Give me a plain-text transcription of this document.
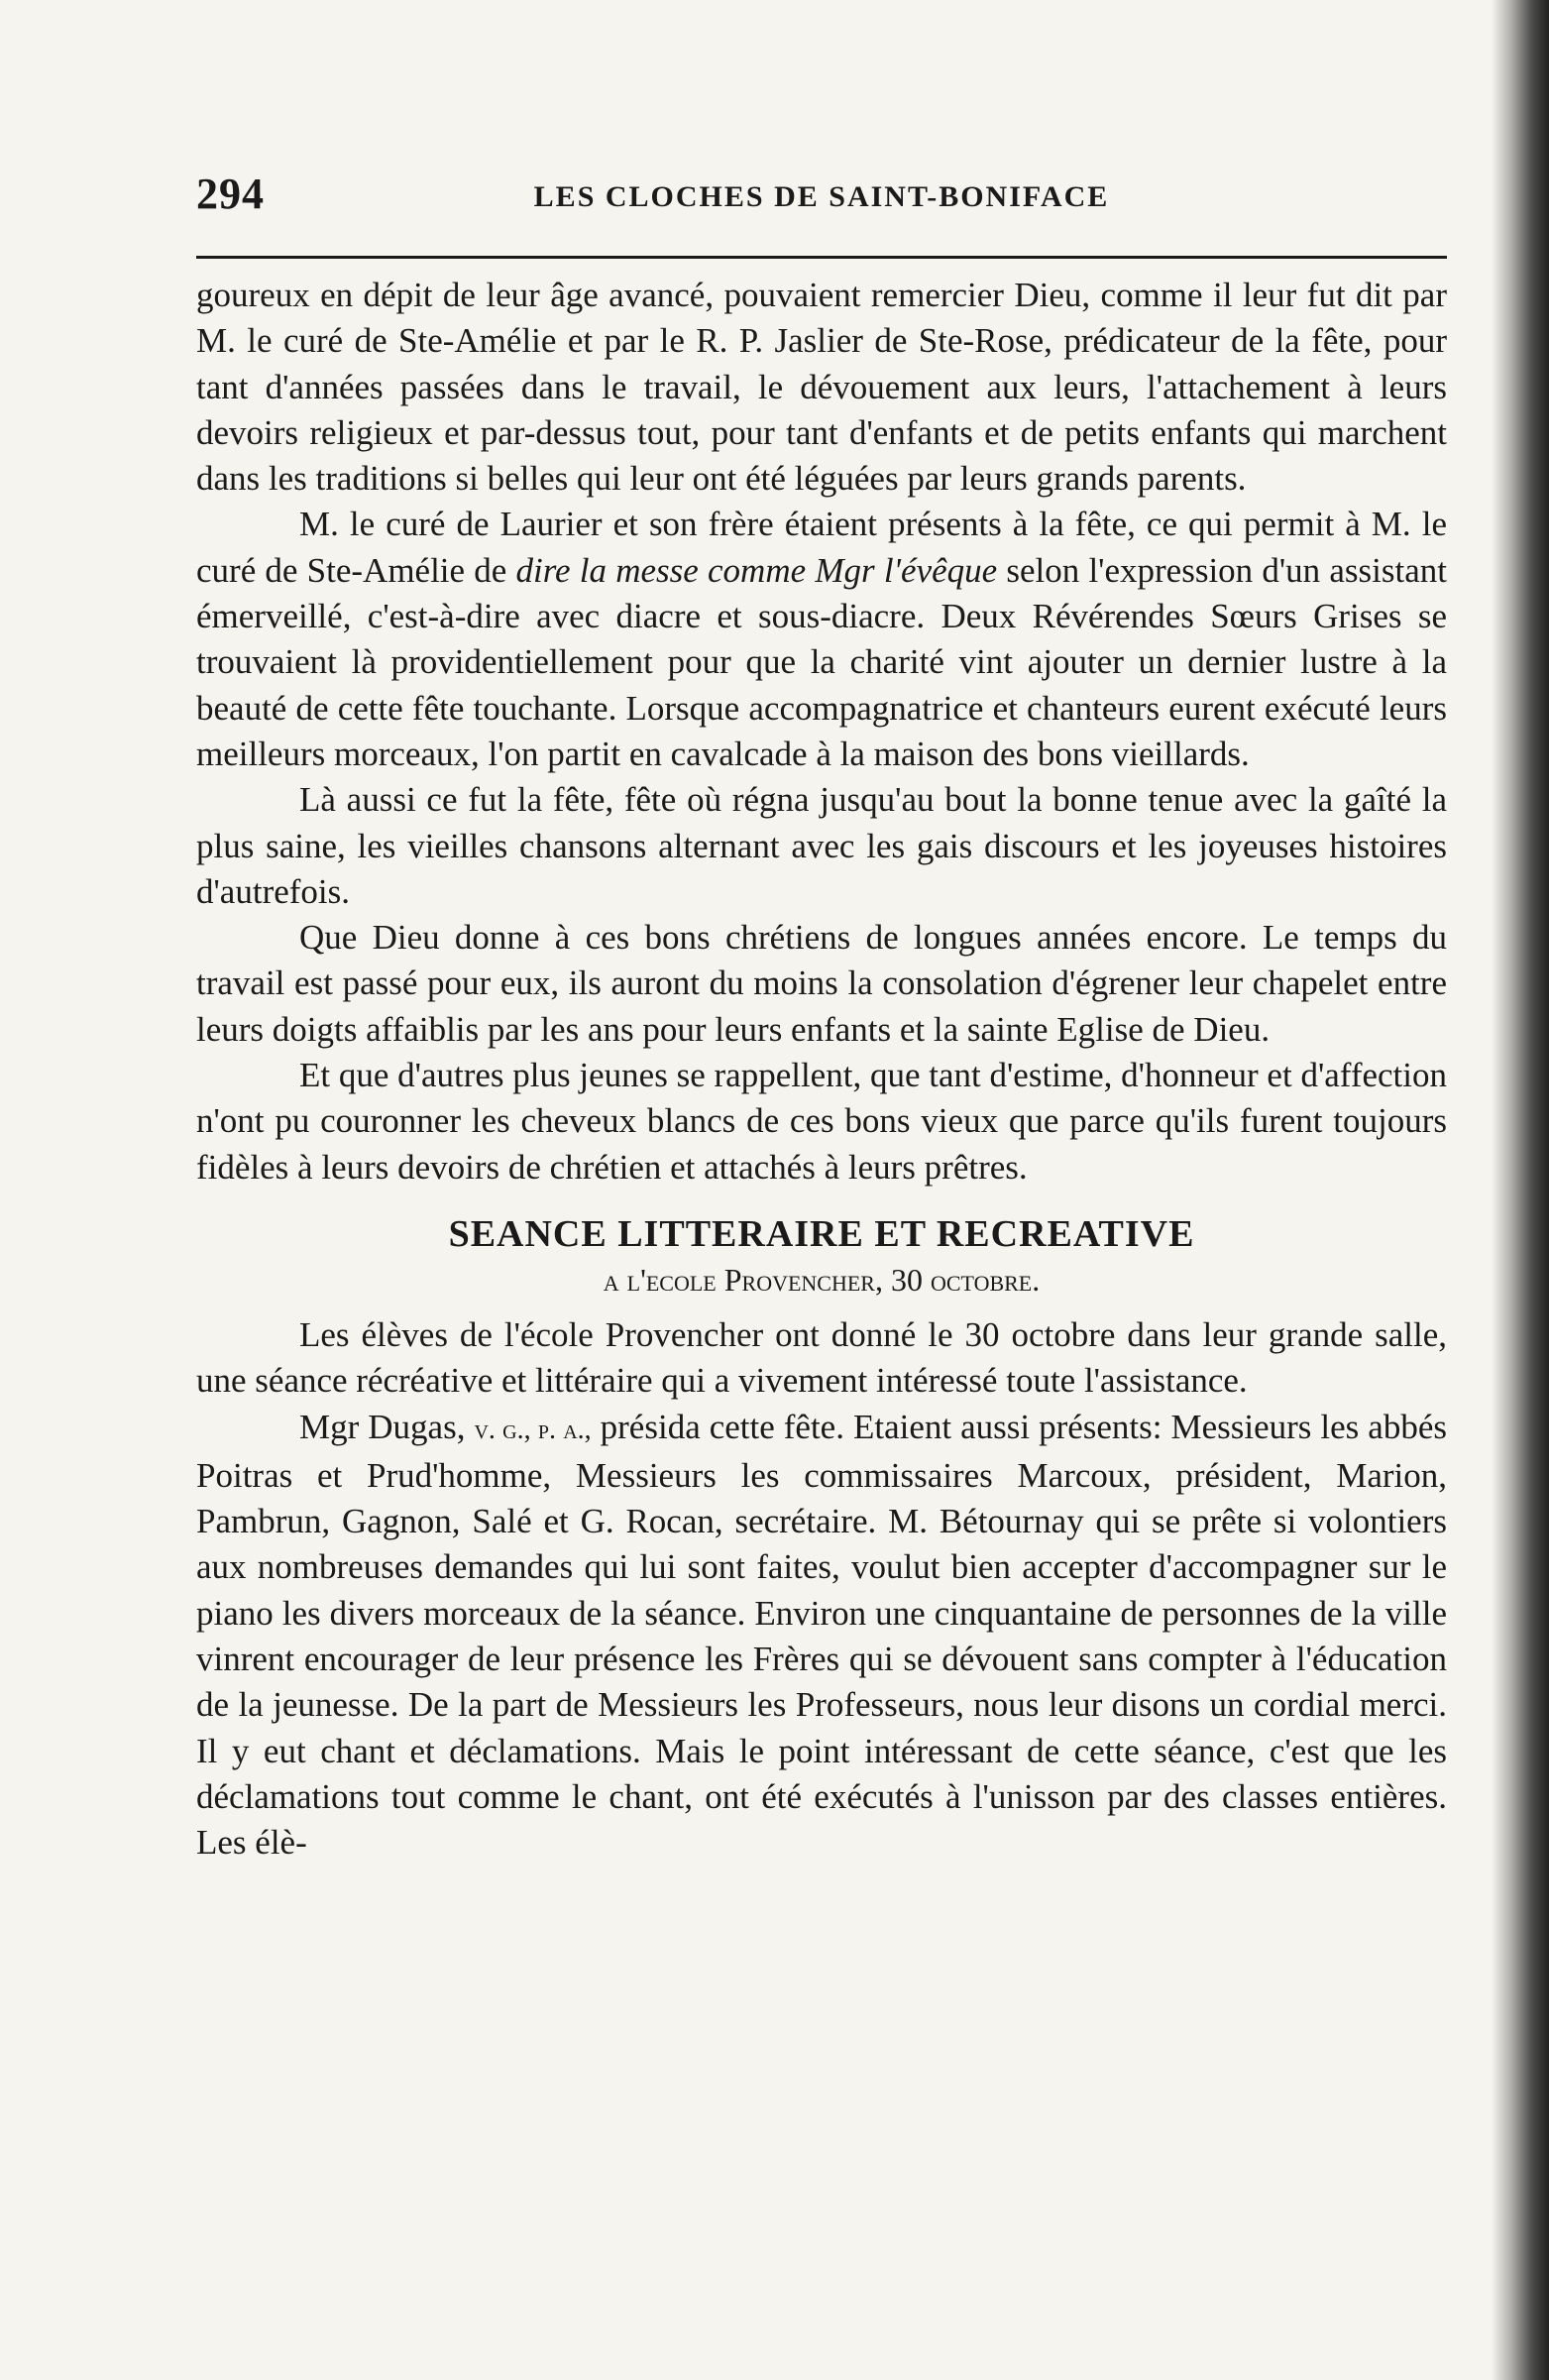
294	LES CLOCHES DE SAINT-BONIFACE

goureux en dépit de leur âge avancé, pouvaient remercier Dieu, comme il leur fut dit par M. le curé de Ste-Amélie et par le R. P. Jaslier de Ste-Rose, prédicateur de la fête, pour tant d'années passées dans le travail, le dévouement aux leurs, l'attachement à leurs devoirs religieux et par-dessus tout, pour tant d'enfants et de petits enfants qui marchent dans les traditions si belles qui leur ont été léguées par leurs grands parents.

M. le curé de Laurier et son frère étaient présents à la fête, ce qui permit à M. le curé de Ste-Amélie de dire la messe comme Mgr l'évêque selon l'expression d'un assistant émerveillé, c'est-à-dire avec diacre et sous-diacre. Deux Révérendes Sœurs Grises se trouvaient là providentiellement pour que la charité vint ajouter un dernier lustre à la beauté de cette fête touchante. Lorsque accompagnatrice et chanteurs eurent exécuté leurs meilleurs morceaux, l'on partit en cavalcade à la maison des bons vieillards.

Là aussi ce fut la fête, fête où régna jusqu'au bout la bonne tenue avec la gaîté la plus saine, les vieilles chansons alternant avec les gais discours et les joyeuses histoires d'autrefois.

Que Dieu donne à ces bons chrétiens de longues années encore. Le temps du travail est passé pour eux, ils auront du moins la consolation d'égrener leur chapelet entre leurs doigts affaiblis par les ans pour leurs enfants et la sainte Eglise de Dieu.

Et que d'autres plus jeunes se rappellent, que tant d'estime, d'honneur et d'affection n'ont pu couronner les cheveux blancs de ces bons vieux que parce qu'ils furent toujours fidèles à leurs devoirs de chrétien et attachés à leurs prêtres.

SEANCE LITTERAIRE ET RECREATIVE
a l'ecole Provencher, 30 octobre.

Les élèves de l'école Provencher ont donné le 30 octobre dans leur grande salle, une séance récréative et littéraire qui a vivement intéressé toute l'assistance.

Mgr Dugas, v. g., p. a., présida cette fête. Etaient aussi présents: Messieurs les abbés Poitras et Prud'homme, Messieurs les commissaires Marcoux, président, Marion, Pambrun, Gagnon, Salé et G. Rocan, secrétaire. M. Bétournay qui se prête si volontiers aux nombreuses demandes qui lui sont faites, voulut bien accepter d'accompagner sur le piano les divers morceaux de la séance. Environ une cinquantaine de personnes de la ville vinrent encourager de leur présence les Frères qui se dévouent sans compter à l'éducation de la jeunesse. De la part de Messieurs les Professeurs, nous leur disons un cordial merci. Il y eut chant et déclamations. Mais le point intéressant de cette séance, c'est que les déclamations tout comme le chant, ont été exécutés à l'unisson par des classes entières. Les élè-
